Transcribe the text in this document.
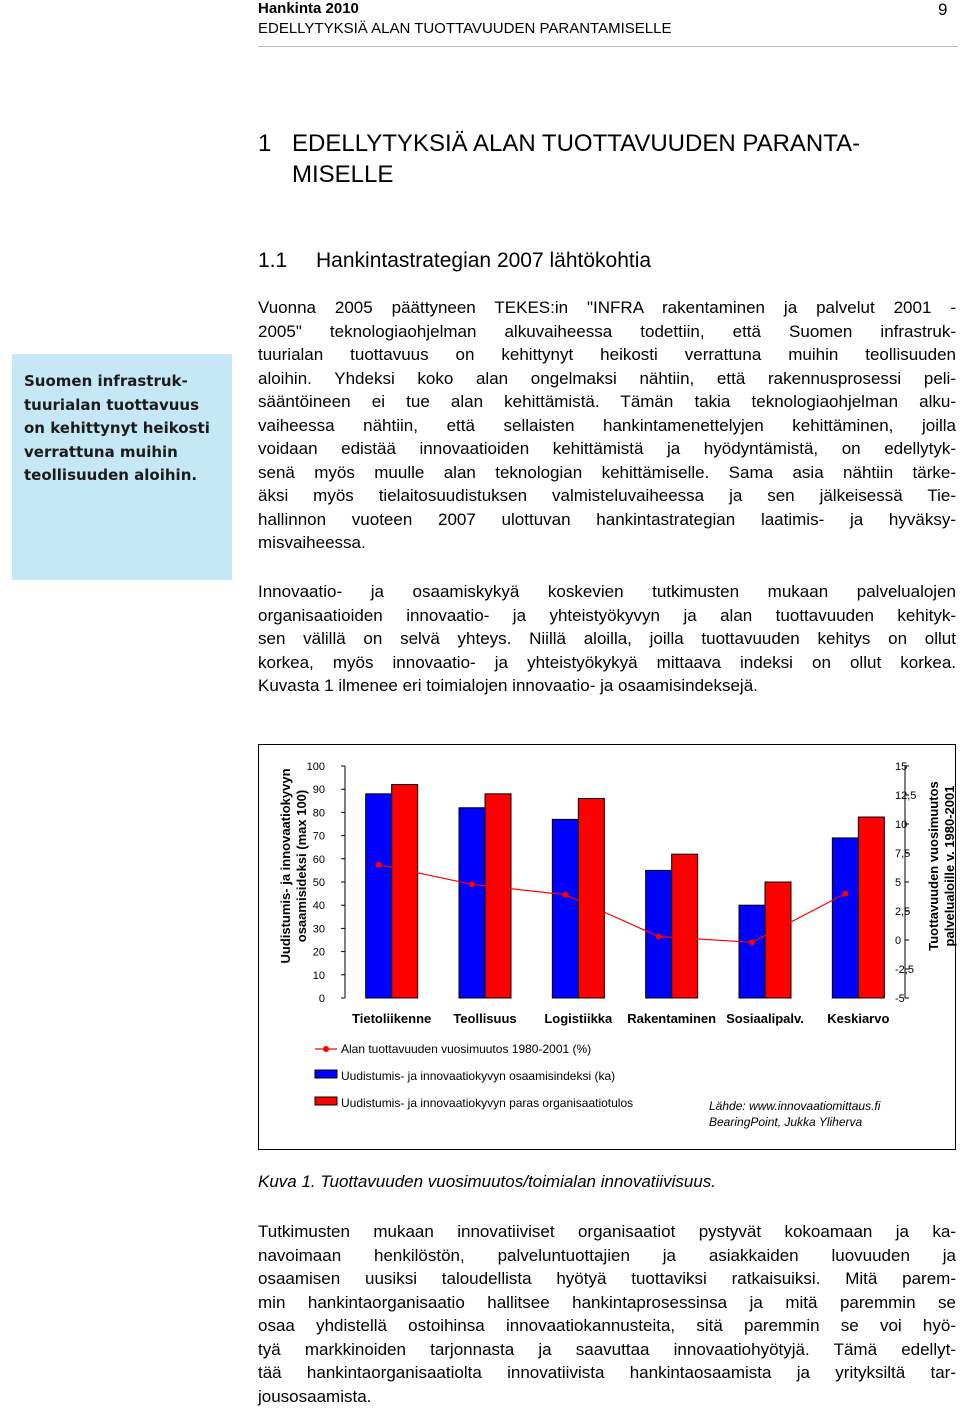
Hankinta 2010
EDELLYTYKSIÄ ALAN TUOTTAVUUDEN PARANTAMISELLE
9
1 EDELLYTYKSIÄ ALAN TUOTTAVUUDEN PARANTA-
MISELLE
1.1 Hankintastrategian 2007 lähtökohtia
Suomen infrastruk-
tuurialan tuottavuus
on kehittynyt heikosti
verrattuna muihin
teollisuuden aloihin.
Vuonna 2005 päättyneen TEKES:in "INFRA rakentaminen ja palvelut 2001 -
2005" teknologiaohjelman alkuvaiheessa todettiin, että Suomen infrastruk-
tuurialan tuottavuus on kehittynyt heikosti verrattuna muihin teollisuuden
aloihin. Yhdeksi koko alan ongelmaksi nähtiin, että rakennusprosessi peli-
sääntöineen ei tue alan kehittämistä. Tämän takia teknologiaohjelman alku-
vaiheessa nähtiin, että sellaisten hankintamenettelyjen kehittäminen, joilla
voidaan edistää innovaatioiden kehittämistä ja hyödyntämistä, on edellytyk-
senä myös muulle alan teknologian kehittämiselle. Sama asia nähtiin tärke-
äksi myös tielaitosuudistuksen valmisteluvaiheessa ja sen jälkeisessä Tie-
hallinnon vuoteen 2007 ulottuvan hankintastrategian laatimis- ja hyväksy-
misvaiheessa.
Innovaatio- ja osaamiskykyä koskevien tutkimusten mukaan palvelualojen
organisaatioiden innovaatio- ja yhteistyökyvyn ja alan tuottavuuden kehityk-
sen välillä on selvä yhteys. Niillä aloilla, joilla tuottavuuden kehitys on ollut
korkea, myös innovaatio- ja yhteistyökykyä mittaava indeksi on ollut korkea.
Kuvasta 1 ilmenee eri toimialojen innovaatio- ja osaamisindeksejä.
0
10
20
30
40
50
60
70
80
90
100
-5
-2,5
0
2,5
5
7,5
10
12,5
15
Uudistumis- ja innovaatiokyvyn osaamisideksi (max 100)	Tuottavuuden vuosimuutos palvelualoille v. 1980-2001
Tietoliikenne Teollisuus Logistiikka Rakentaminen Sosiaalipalv. Keskiarvo
Alan tuottavuuden vuosimuutos 1980-2001 (%)
Uudistumis- ja innovaatiokyvyn osaamisindeksi (ka)
Uudistumis- ja innovaatiokyvyn paras organisaatiotulos	Lähde: www.innovaatiomittaus.fi
BearingPoint, Jukka Yliherva
Kuva 1. Tuottavuuden vuosimuutos/toimialan innovatiivisuus.
Tutkimusten mukaan innovatiiviset organisaatiot pystyvät kokoamaan ja ka-
navoimaan henkilöstön, palveluntuottajien ja asiakkaiden luovuuden ja
osaamisen uusiksi taloudellista hyötyä tuottaviksi ratkaisuiksi. Mitä parem-
min hankintaorganisaatio hallitsee hankintaprosessinsa ja mitä paremmin se
osaa yhdistellä ostoihinsa innovaatiokannusteita, sitä paremmin se voi hyö-
tyä markkinoiden tarjonnasta ja saavuttaa innovaatiohyötyjä. Tämä edellyt-
tää hankintaorganisaatiolta innovatiivista hankintaosaamista ja yrityksiltä tar-
jousosaamista.
